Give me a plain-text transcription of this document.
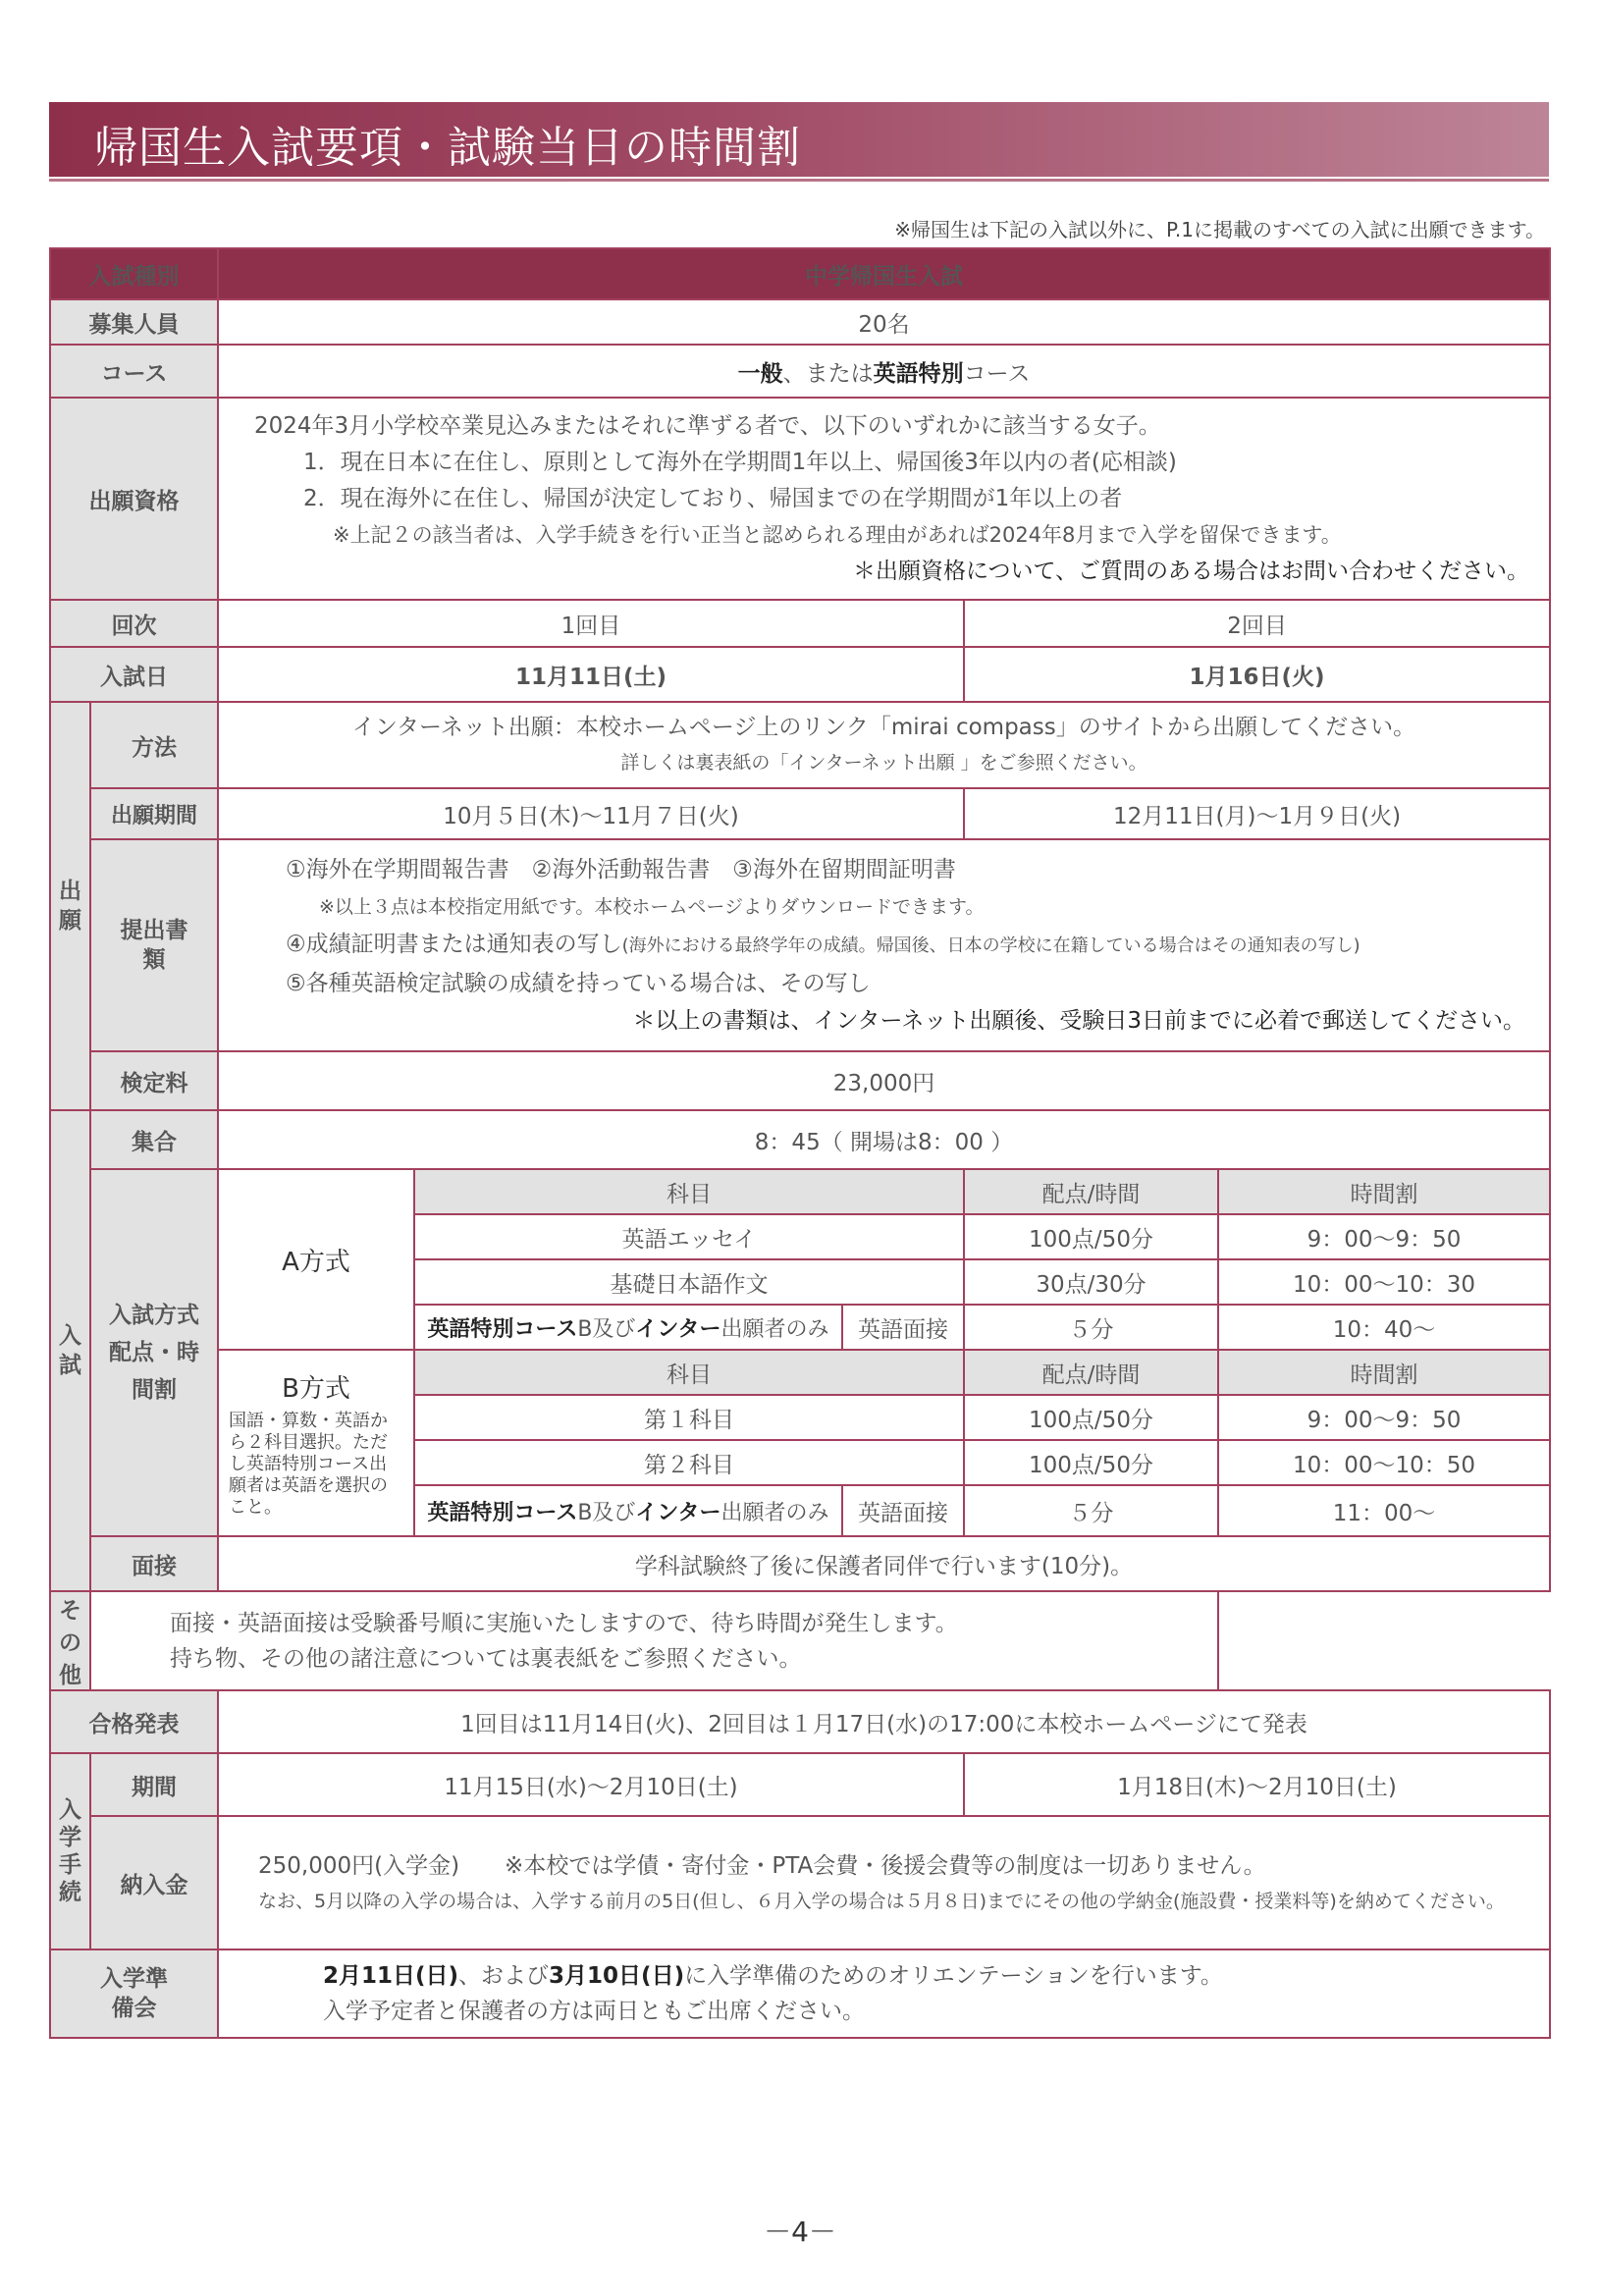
帰国生入試要項・試験当日の時間割
※帰国生は下記の入試以外に、P.1に掲載のすべての入試に出願できます。
入試種別		中学帰国生入試				
募集人員		20名				
コース		一般、または英語特別コース				
出願資格		2024年3月小学校卒業見込みまたはそれに準ずる者で、以下のいずれかに該当する女子。

1．現在日本に在住し、原則として海外在学期間1年以上、帰国後3年以内の者(応相談)

2．現在海外に在住し、帰国が決定しており、帰国までの在学期間が1年以上の者

※上記２の該当者は、入学手続きを行い正当と認められる理由があれば2024年8月まで入学を留保できます。

＊出願資格について、ご質問のある場合はお問い合わせください。				

回次		1回目			2回目	
入試日		11月11日(土)			1月16日(火)	
出願	方法	インターネット出願：本校ホームページ上のリンク「mirai compass」のサイトから出願してください。

詳しくは裏表紙の「インターネット出願 」をご参照ください。				

	出願期間	10月５日(木)～11月７日(火)			12月11日(月)～1月９日(火)	
	提出書類	①海外在学期間報告書　②海外活動報告書　③海外在留期間証明書

※以上３点は本校指定用紙です。本校ホームページよりダウンロードできます。

④成績証明書または通知表の写し(海外における最終学年の成績。帰国後、日本の学校に在籍している場合はその通知表の写し)

⑤各種英語検定試験の成績を持っている場合は、その写し

＊以上の書類は、インターネット出願後、受験日3日前までに必着で郵送してください。				

	検定料	23,000円				
入試	集合	8：45（ 開場は8：00 ）				
	入試方式配点・時間割	A方式	科目		配点/時間	時間割
			英語エッセイ		100点/50分	9：00～9：50
			基礎日本語作文		30点/30分	10：00～10：30
			英語特別コースB及びインター出願者のみ	英語面接	５分	10：40～

		B方式

国語・算数・英語から２科目選択。ただし英語特別コース出願者は英語を選択のこと。	科目		配点/時間	時間割
			第１科目		100点/50分	9：00～9：50
			第２科目		100点/50分	10：00～10：50
			英語特別コースB及びインター出願者のみ	英語面接	５分	11：00～
	面接	学科試験終了後に保護者同伴で行います(10分)。				
その他	面接・英語面接は受験番号順に実施いたしますので、待ち時間が発生します。

持ち物、その他の諸注意については裏表紙をご参照ください。					

合格発表		1回目は11月14日(火)、2回目は１月17日(水)の17:00に本校ホームページにて発表				
入学手続	期間	11月15日(水)～2月10日(土)			1月18日(木)～2月10日(土)	
	納入金	250,000円(入学金)　　※本校では学債・寄付金・PTA会費・後援会費等の制度は一切ありません。

なお、5月以降の入学の場合は、入学する前月の5日(但し、６月入学の場合は５月８日)までにその他の学納金(施設費・授業料等)を納めてください。				

入学準備会		2月11日(日)、および3月10日(日)に入学準備のためのオリエンテーションを行います。

入学予定者と保護者の方は両日ともご出席ください。				

－4－
